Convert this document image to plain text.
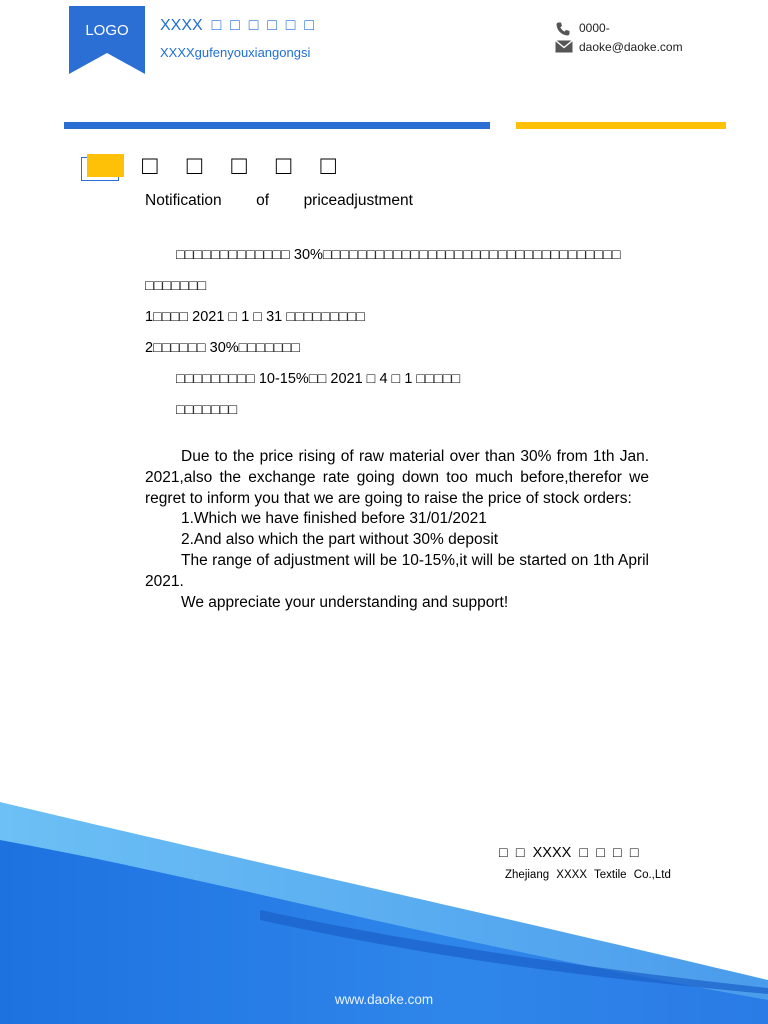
LOGO	XXXX  □  □  □  □  □  □
XXXXgufenyouxiangongsi
0000-
daoke@daoke.com
□    □    □    □    □
Notification of priceadjustment

□□□□□□□□□□□□□ 30%□□□□□□□□□□□□□□□□□□□□□□□□□□□□□□□□□□

□□□□□□□

1□□□□ 2021 □ 1 □ 31 □□□□□□□□□

2□□□□□□ 30%□□□□□□□

□□□□□□□□□ 10-15%□□ 2021 □ 4 □ 1 □□□□□

□□□□□□□

Due to the price rising of raw material over than 30% from 1th Jan. 2021,also the exchange rate going down too much before,therefor we regret to inform you that we are going to raise the price of stock orders:

1.Which we have finished before 31/01/2021

2.And also which the part without 30% deposit

The range of adjustment will be 10-15%,it will be started on 1th April 2021.

We appreciate your understanding and support!

□  □  XXXX  □  □  □  □
Zhejiang XXXX Textile Co.,Ltd
www.daoke.com
